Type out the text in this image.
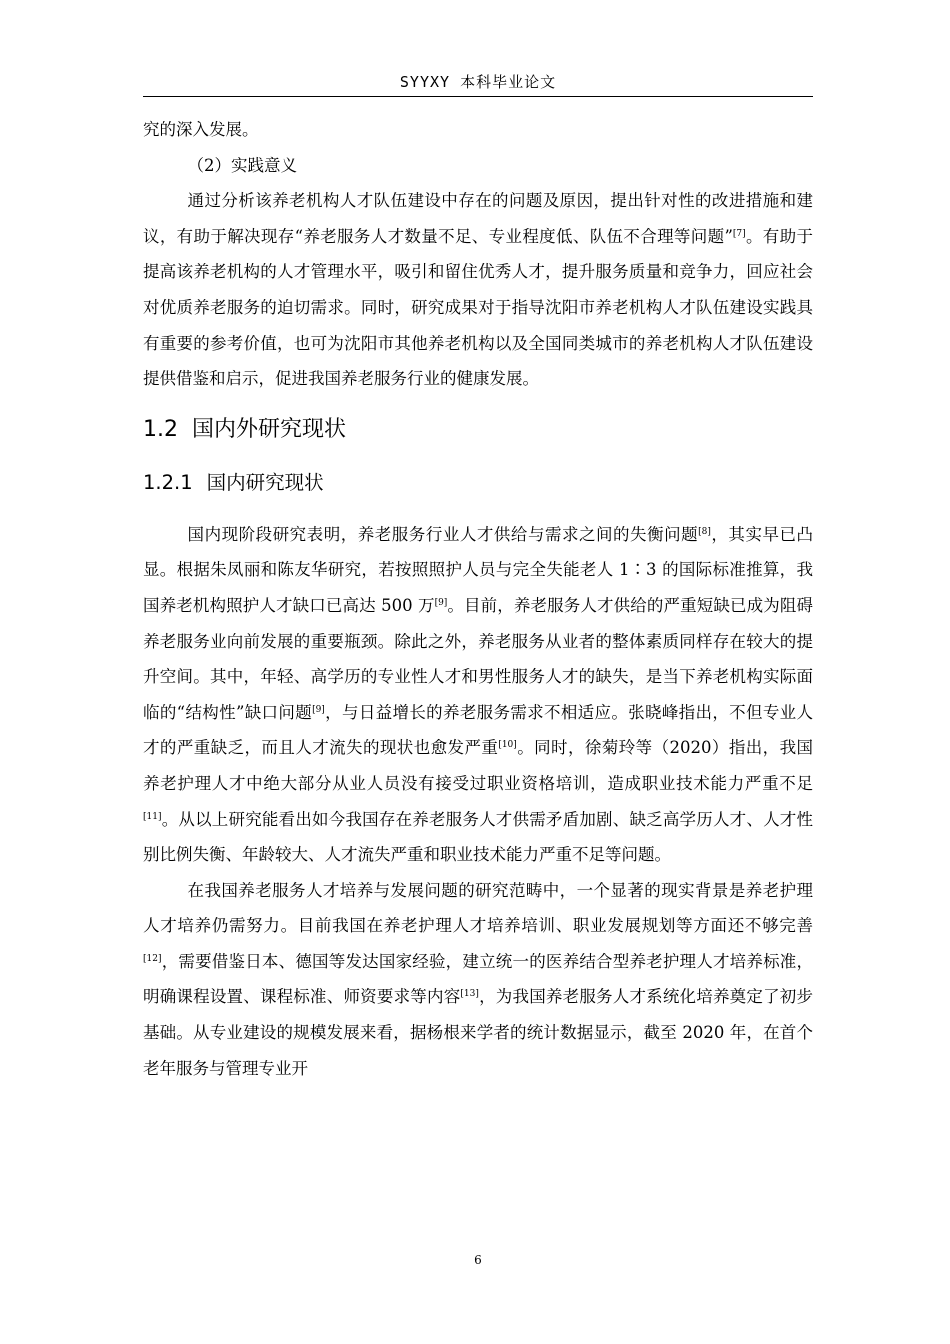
SYYXY 本科毕业论文

究的深入发展。

（2）实践意义

通过分析该养老机构人才队伍建设中存在的问题及原因，提出针对性的改进措施和建议，有助于解决现存“养老服务人才数量不足、专业程度低、队伍不合理等问题”[7]。有助于提高该养老机构的人才管理水平，吸引和留住优秀人才，提升服务质量和竞争力，回应社会对优质养老服务的迫切需求。同时，研究成果对于指导沈阳市养老机构人才队伍建设实践具有重要的参考价值，也可为沈阳市其他养老机构以及全国同类城市的养老机构人才队伍建设提供借鉴和启示，促进我国养老服务行业的健康发展。

1.2 国内外研究现状
1.2.1 国内研究现状

国内现阶段研究表明，养老服务行业人才供给与需求之间的失衡问题[8]，其实早已凸显。根据朱凤丽和陈友华研究，若按照照护人员与完全失能老人 1∶3 的国际标准推算，我国养老机构照护人才缺口已高达 500 万[9]。目前，养老服务人才供给的严重短缺已成为阻碍养老服务业向前发展的重要瓶颈。除此之外，养老服务从业者的整体素质同样存在较大的提升空间。其中，年轻、高学历的专业性人才和男性服务人才的缺失，是当下养老机构实际面临的“结构性”缺口问题[9]，与日益增长的养老服务需求不相适应。张晓峰指出，不但专业人才的严重缺乏，而且人才流失的现状也愈发严重[10]。同时，徐菊玲等（2020）指出，我国养老护理人才中绝大部分从业人员没有接受过职业资格培训，造成职业技术能力严重不足[11]。从以上研究能看出如今我国存在养老服务人才供需矛盾加剧、缺乏高学历人才、人才性别比例失衡、年龄较大、人才流失严重和职业技术能力严重不足等问题。

在我国养老服务人才培养与发展问题的研究范畴中，一个显著的现实背景是养老护理人才培养仍需努力。目前我国在养老护理人才培养培训、职业发展规划等方面还不够完善[12]，需要借鉴日本、德国等发达国家经验，建立统一的医养结合型养老护理人才培养标准，明确课程设置、课程标准、师资要求等内容[13]，为我国养老服务人才系统化培养奠定了初步基础。从专业建设的规模发展来看，据杨根来学者的统计数据显示，截至 2020 年，在首个老年服务与管理专业开

6
